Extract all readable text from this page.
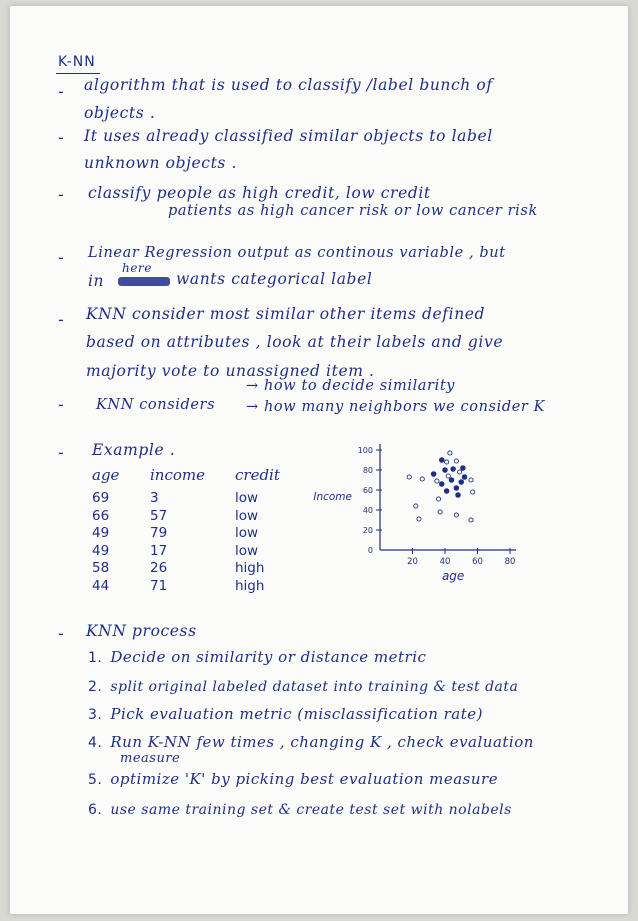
K-NN
-
-
-
-
-
-
-
-
algorithm that is used to classify /label bunch of
objects .
It uses already classified similar objects to label
unknown objects .
classify people as high credit, low credit
patients as high cancer risk or low cancer risk
Linear Regression output as continous variable , but
here
in	wants categorical label
KNN consider most similar other items defined
based on attributes , look at their labels and give
majority vote to unassigned item .
KNN considers
→ how to decide similarity
→ how many neighbors we consider K
Example .
age	income	credit
69	3	low
66	57	low
49	79	low
49	17	low
58	26	high
44	71	high
100
80
60
40
20
0
20	40	60	80
age
Income
KNN process
1. Decide on similarity or distance metric
2. split original labeled dataset into training & test data
3. Pick evaluation metric (misclassification rate)
4. Run K-NN few times , changing K , check evaluation
measure
5. optimize 'K' by picking best evaluation measure
6. use same training set & create test set with nolabels
